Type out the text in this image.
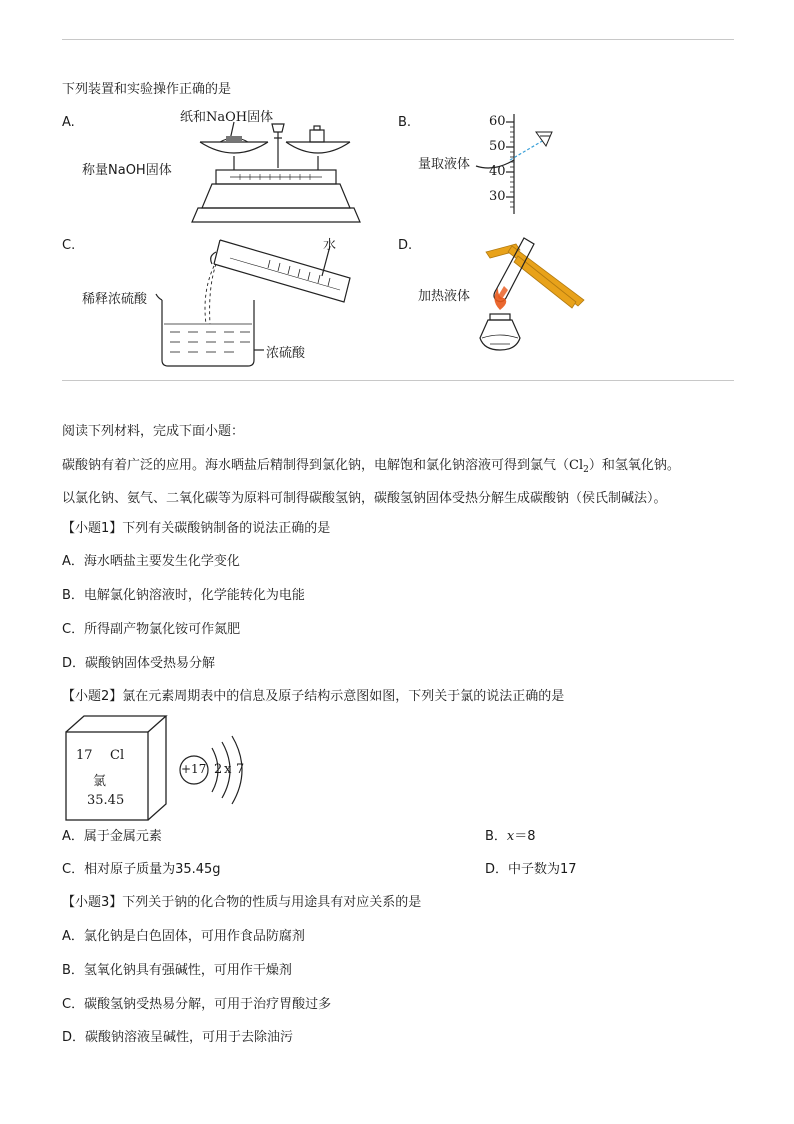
下列装置和实验操作正确的是
A.
称量NaOH固体
纸和NaOH固体	B.
量取液体
60
50
40
30
C.
稀释浓硫酸
水
浓硫酸
D.
加热液体
阅读下列材料，完成下面小题：
碳酸钠有着广泛的应用。海水晒盐后精制得到氯化钠，电解饱和氯化钠溶液可得到氯气$(Cl_2)$和氢氧化钠。
以氯化钠、氨气、二氧化碳等为原料可制得碳酸氢钠，碳酸氢钠固体受热分解生成碳酸钠（侯氏制碱法）。
【小题1】下列有关碳酸钠制备的说法正确的是
A．海水晒盐主要发生化学变化
B．电解氯化钠溶液时，化学能转化为电能
C．所得副产物氯化铵可作氮肥
D．碳酸钠固体受热易分解
【小题2】氯在元素周期表中的信息及原子结构示意图如图，下列关于氯的说法正确的是
17 Cl
氯
35.45
+17 2 x 7
A．属于金属元素	B．x＝8
C．相对原子质量为35.45g	D．中子数为17
【小题3】下列关于钠的化合物的性质与用途具有对应关系的是
A．氯化钠是白色固体，可用作食品防腐剂
B．氢氧化钠具有强碱性，可用作干燥剂
C．碳酸氢钠受热易分解，可用于治疗胃酸过多
D．碳酸钠溶液呈碱性，可用于去除油污
